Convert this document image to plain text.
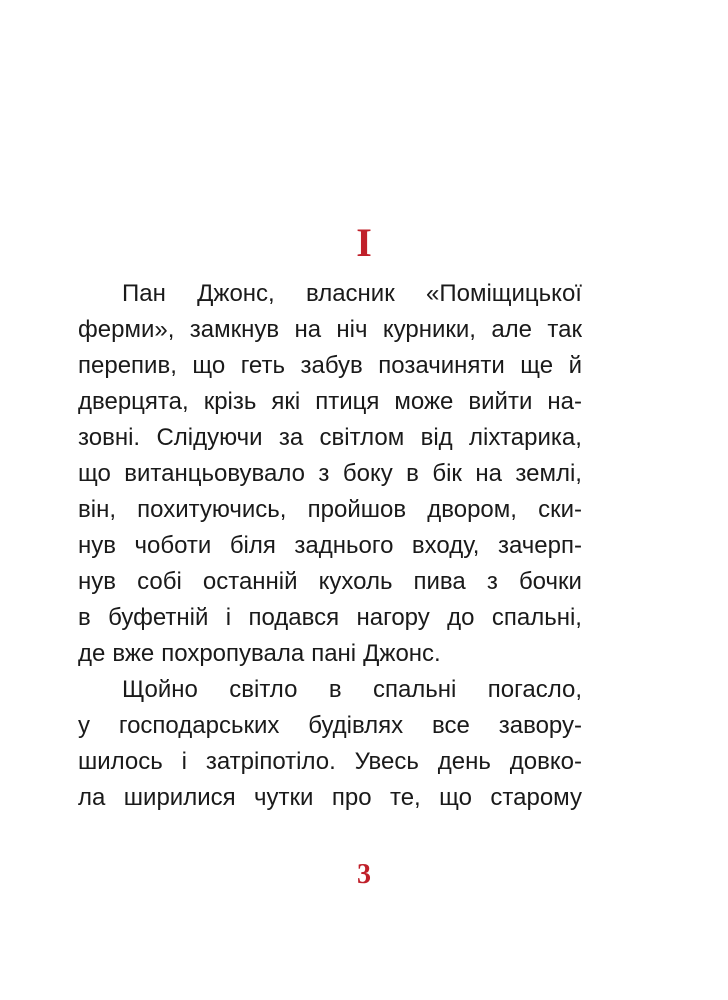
I
Пан Джонс, власник «Поміщицької
ферми», замкнув на ніч курники, але так
перепив, що геть забув позачиняти ще й
дверцята, крізь які птиця може вийти на-
зовні. Слідуючи за світлом від ліхтарика,
що витанцьовувало з боку в бік на землі,
він, похитуючись, пройшов двором, ски-
нув чоботи біля заднього входу, зачерп-
нув собі останній кухоль пива з бочки
в буфетній і подався нагору до спальні,
де вже похропувала пані Джонс.
Щойно світло в спальні погасло,
у господарських будівлях все завору-
шилось і затріпотіло. Увесь день довко-
ла ширилися чутки про те, що старому
3
